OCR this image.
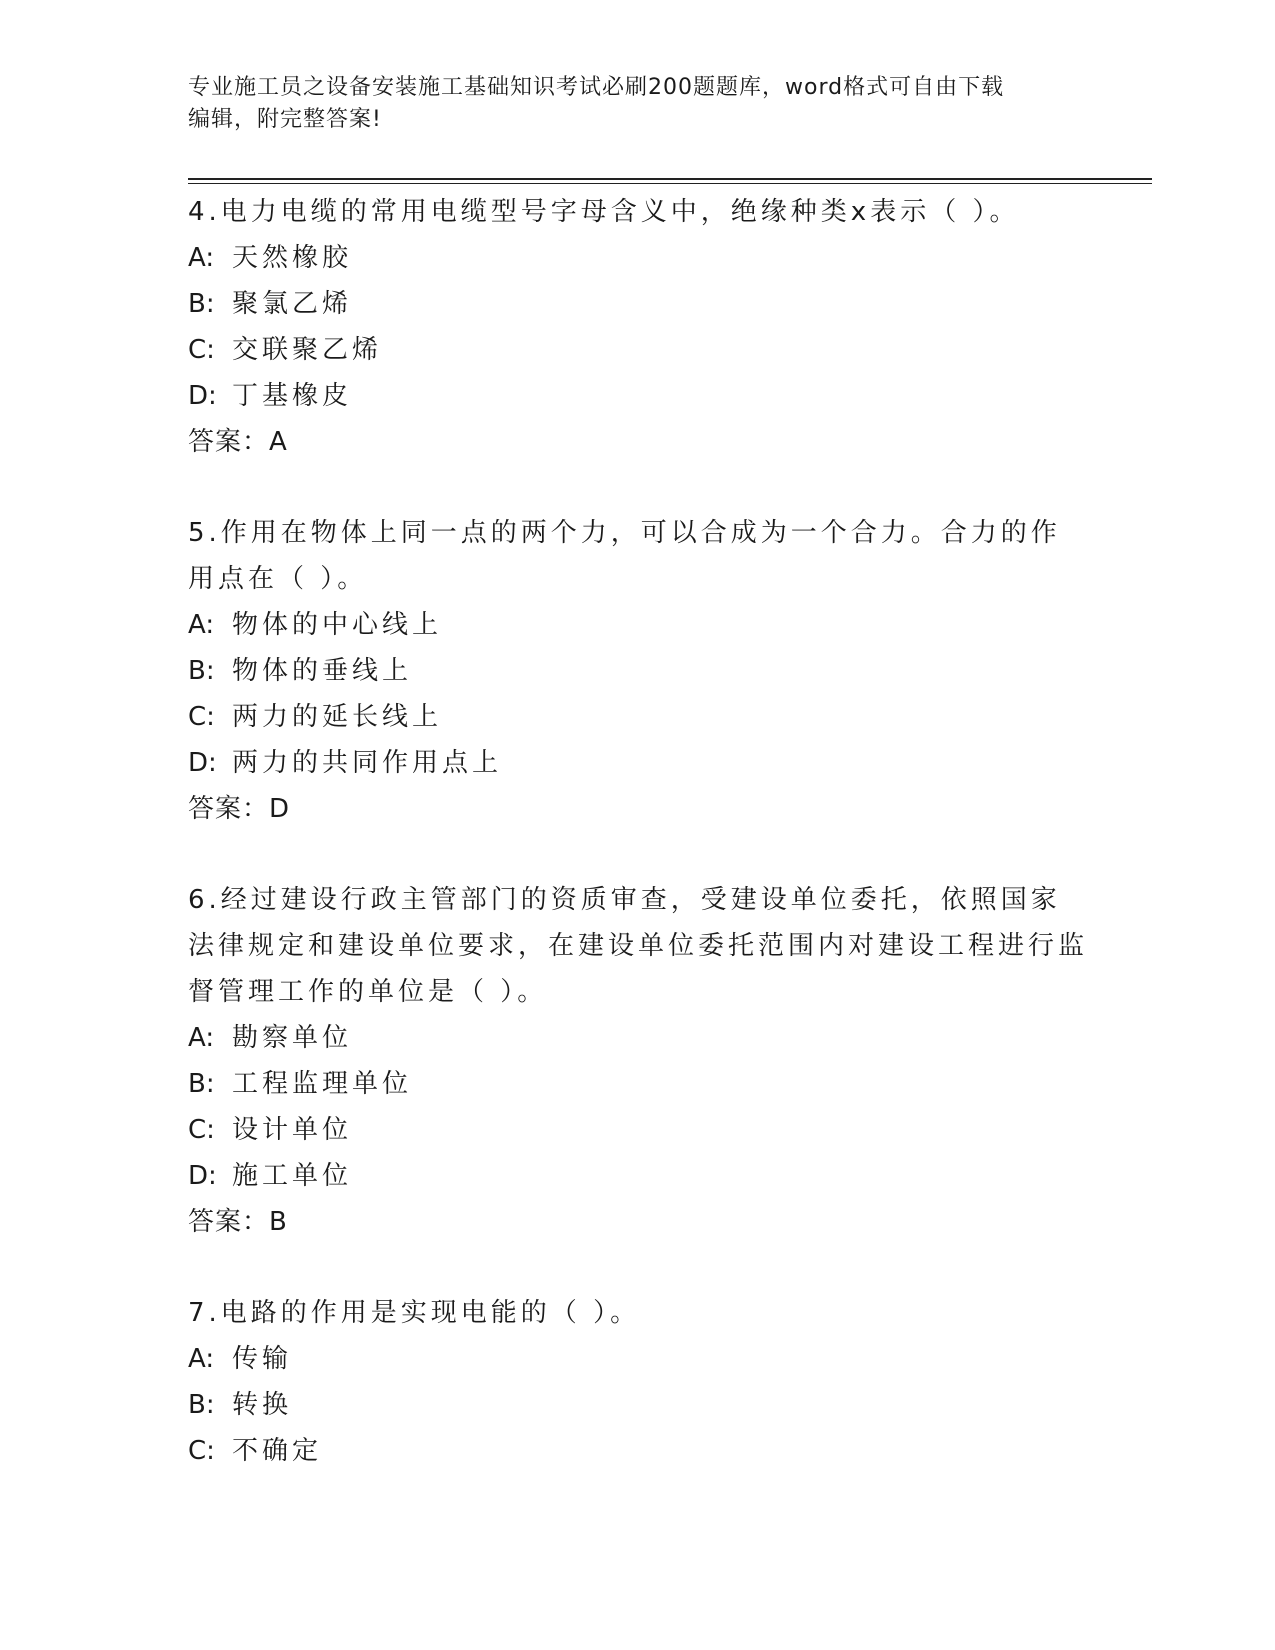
专业施工员之设备安装施工基础知识考试必刷200题题库，word格式可自由下载
编辑，附完整答案!
4.电力电缆的常用电缆型号字母含义中，绝缘种类x表示（ ）。
A: 天然橡胶
B: 聚氯乙烯
C: 交联聚乙烯
D: 丁基橡皮
答案：A
5.作用在物体上同一点的两个力，可以合成为一个合力。合力的作用点在（ ）。
A: 物体的中心线上
B: 物体的垂线上
C: 两力的延长线上
D: 两力的共同作用点上
答案：D
6.经过建设行政主管部门的资质审查，受建设单位委托，依照国家法律规定和建设单位要求，在建设单位委托范围内对建设工程进行监督管理工作的单位是（ ）。
A: 勘察单位
B: 工程监理单位
C: 设计单位
D: 施工单位
答案：B
7.电路的作用是实现电能的（ ）。
A: 传输
B: 转换
C: 不确定
